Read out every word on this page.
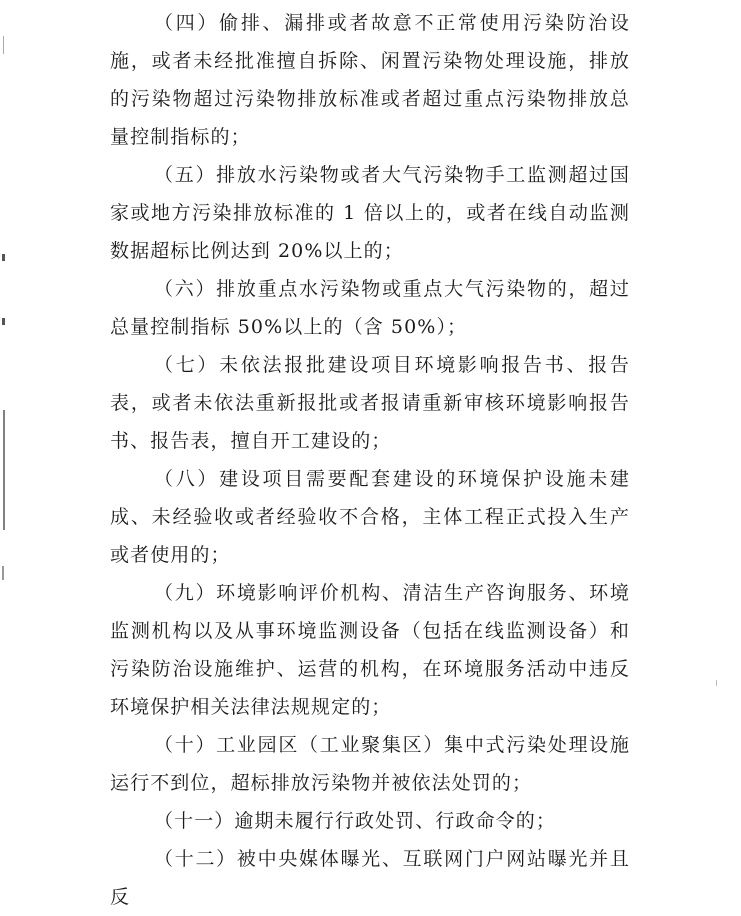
（四）偷排、漏排或者故意不正常使用污染防治设施，或者未经批准擅自拆除、闲置污染物处理设施，排放的污染物超过污染物排放标准或者超过重点污染物排放总量控制指标的；

（五）排放水污染物或者大气污染物手工监测超过国家或地方污染排放标准的 1 倍以上的，或者在线自动监测数据超标比例达到 20%以上的；

（六）排放重点水污染物或重点大气污染物的，超过总量控制指标 50%以上的（含 50%）；

（七）未依法报批建设项目环境影响报告书、报告表，或者未依法重新报批或者报请重新审核环境影响报告书、报告表，擅自开工建设的；

（八）建设项目需要配套建设的环境保护设施未建成、未经验收或者经验收不合格，主体工程正式投入生产或者使用的；

（九）环境影响评价机构、清洁生产咨询服务、环境监测机构以及从事环境监测设备（包括在线监测设备）和污染防治设施维护、运营的机构，在环境服务活动中违反环境保护相关法律法规规定的；

（十）工业园区（工业聚集区）集中式污染处理设施运行不到位，超标排放污染物并被依法处罚的；

（十一）逾期未履行行政处罚、行政命令的；

（十二）被中央媒体曝光、互联网门户网站曝光并且反
